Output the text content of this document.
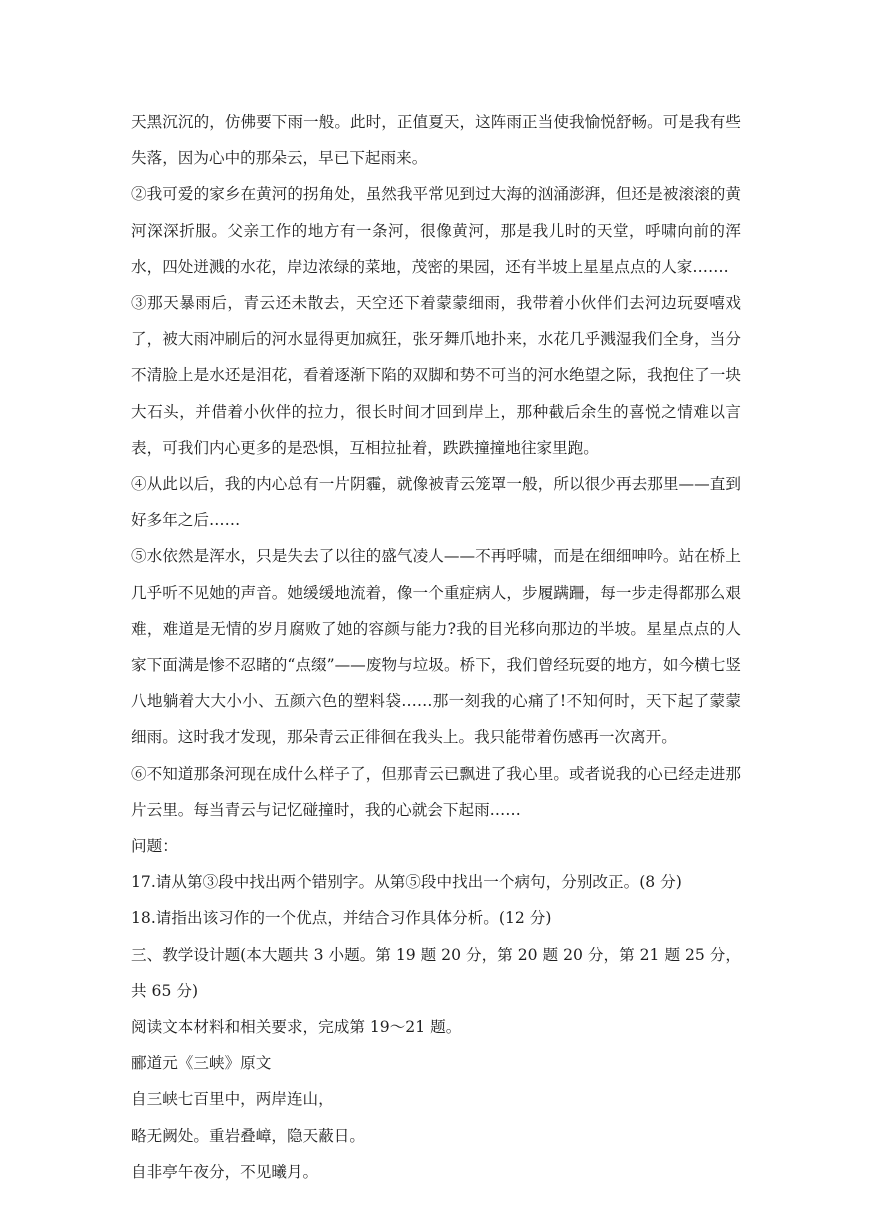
天黑沉沉的，仿佛要下雨一般。此时，正值夏天，这阵雨正当使我愉悦舒畅。可是我有些失落，因为心中的那朵云，早已下起雨来。

②我可爱的家乡在黄河的拐角处，虽然我平常见到过大海的汹涌澎湃，但还是被滚滚的黄河深深折服。父亲工作的地方有一条河，很像黄河，那是我儿时的天堂，呼啸向前的浑水，四处迸溅的水花，岸边浓绿的菜地，茂密的果园，还有半坡上星星点点的人家…….

③那天暴雨后，青云还未散去，天空还下着蒙蒙细雨，我带着小伙伴们去河边玩耍嘻戏了，被大雨冲刷后的河水显得更加疯狂，张牙舞爪地扑来，水花几乎溅湿我们全身，当分不清脸上是水还是泪花，看着逐渐下陷的双脚和势不可当的河水绝望之际，我抱住了一块大石头，并借着小伙伴的拉力，很长时间才回到岸上，那种截后余生的喜悦之情难以言表，可我们内心更多的是恐惧，互相拉扯着，跌跌撞撞地往家里跑。

④从此以后，我的内心总有一片阴霾，就像被青云笼罩一般，所以很少再去那里——直到好多年之后……

⑤水依然是浑水，只是失去了以往的盛气凌人——不再呼啸，而是在细细呻吟。站在桥上几乎听不见她的声音。她缓缓地流着，像一个重症病人，步履蹒跚，每一步走得都那么艰难，难道是无情的岁月腐败了她的容颜与能力?我的目光移向那边的半坡。星星点点的人家下面满是惨不忍睹的“点缀”——废物与垃圾。桥下，我们曾经玩耍的地方，如今横七竖八地躺着大大小小、五颜六色的塑料袋……那一刻我的心痛了!不知何时，天下起了蒙蒙细雨。这时我才发现，那朵青云正徘徊在我头上。我只能带着伤感再一次离开。

⑥不知道那条河现在成什么样子了，但那青云已飘进了我心里。或者说我的心已经走进那片云里。每当青云与记忆碰撞时，我的心就会下起雨……

问题：

17.请从第③段中找出两个错别字。从第⑤段中找出一个病句，分别改正。(8 分)

18.请指出该习作的一个优点，并结合习作具体分析。(12 分)

三、教学设计题(本大题共 3 小题。第 19 题 20 分，第 20 题 20 分，第 21 题 25 分，共 65 分)

阅读文本材料和相关要求，完成第 19～21 题。

郦道元《三峡》原文

自三峡七百里中，两岸连山，

略无阙处。重岩叠嶂，隐天蔽日。

自非亭午夜分，不见曦月。
